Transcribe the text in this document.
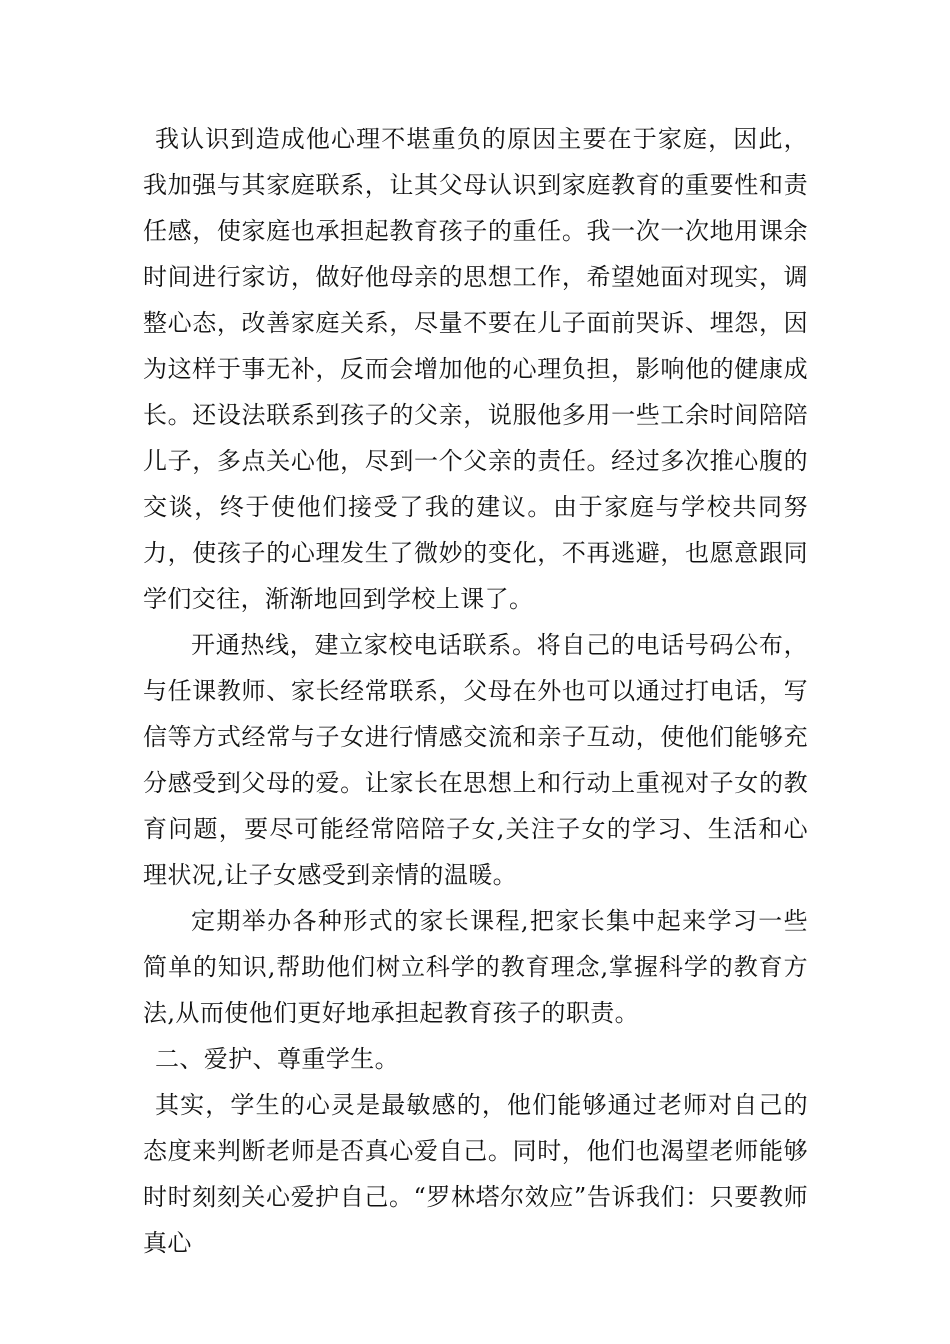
我认识到造成他心理不堪重负的原因主要在于家庭，因此，我加强与其家庭联系，让其父母认识到家庭教育的重要性和责任感，使家庭也承担起教育孩子的重任。我一次一次地用课余时间进行家访，做好他母亲的思想工作，希望她面对现实，调整心态，改善家庭关系，尽量不要在儿子面前哭诉、埋怨，因为这样于事无补，反而会增加他的心理负担，影响他的健康成长。还设法联系到孩子的父亲，说服他多用一些工余时间陪陪儿子，多点关心他，尽到一个父亲的责任。经过多次推心腹的交谈，终于使他们接受了我的建议。由于家庭与学校共同努力，使孩子的心理发生了微妙的变化，不再逃避，也愿意跟同学们交往，渐渐地回到学校上课了。

开通热线，建立家校电话联系。将自己的电话号码公布，与任课教师、家长经常联系，父母在外也可以通过打电话，写信等方式经常与子女进行情感交流和亲子互动，使他们能够充分感受到父母的爱。让家长在思想上和行动上重视对子女的教育问题，要尽可能经常陪陪子女,关注子女的学习、生活和心理状况,让子女感受到亲情的温暖。

定期举办各种形式的家长课程,把家长集中起来学习一些简单的知识,帮助他们树立科学的教育理念,掌握科学的教育方法,从而使他们更好地承担起教育孩子的职责。

二、爱护、尊重学生。

其实，学生的心灵是最敏感的，他们能够通过老师对自己的态度来判断老师是否真心爱自己。同时，他们也渴望老师能够时时刻刻关心爱护自己。“罗林塔尔效应”告诉我们：只要教师真心
